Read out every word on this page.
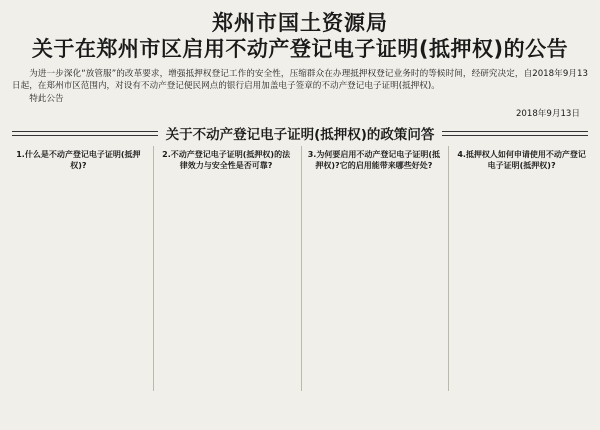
郑州市国土资源局
关于在郑州市区启用不动产登记电子证明(抵押权)的公告

为进一步深化“放管服”的改革要求，增强抵押权登记工作的安全性，压缩群众在办理抵押权登记业务时的等候时间，经研究决定，自2018年9月13日起，在郑州市区范围内，对设有不动产登记便民网点的银行启用加盖电子签章的不动产登记电子证明(抵押权)。

特此公告

2018年9月13日
关于不动产登记电子证明(抵押权)的政策问答
1.什么是不动产登记电子证明(抵押权)?

2.不动产登记电子证明(抵押权)的法律效力与安全性是否可靠?

3.为何要启用不动产登记电子证明(抵押权)?它的启用能带来哪些好处?

4.抵押权人如何申请使用不动产登记电子证明(抵押权)?
